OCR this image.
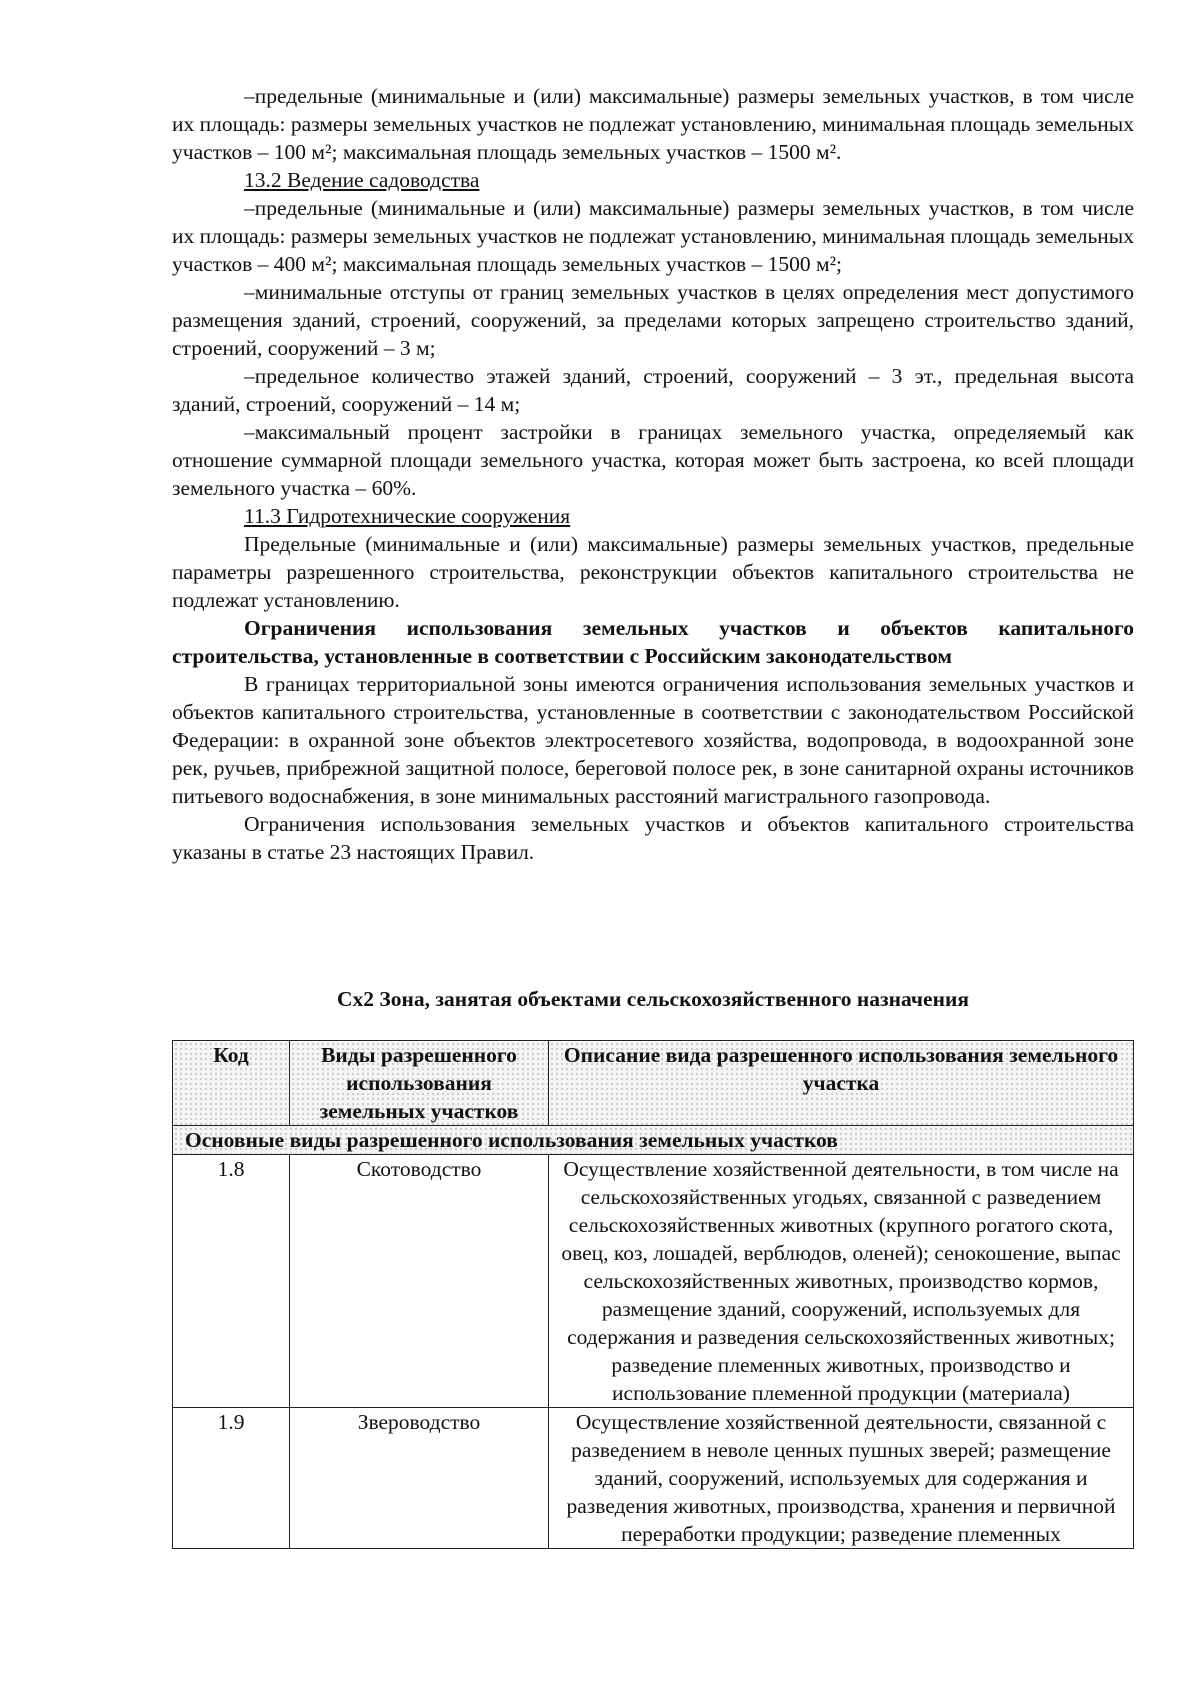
–предельные (минимальные и (или) максимальные) размеры земельных участков, в том числе их площадь: размеры земельных участков не подлежат установлению, минимальная площадь земельных участков – 100 м²; максимальная площадь земельных участков – 1500 м².

13.2 Ведение садоводства

–предельные (минимальные и (или) максимальные) размеры земельных участков, в том числе их площадь: размеры земельных участков не подлежат установлению, минимальная площадь земельных участков – 400 м²; максимальная площадь земельных участков – 1500 м²;

–минимальные отступы от границ земельных участков в целях определения мест допустимого размещения зданий, строений, сооружений, за пределами которых запрещено строительство зданий, строений, сооружений – 3 м;

–предельное количество этажей зданий, строений, сооружений – 3 эт., предельная высота зданий, строений, сооружений – 14 м;

–максимальный процент застройки в границах земельного участка, определяемый как отношение суммарной площади земельного участка, которая может быть застроена, ко всей площади земельного участка – 60%.

11.3 Гидротехнические сооружения

Предельные (минимальные и (или) максимальные) размеры земельных участков, предельные параметры разрешенного строительства, реконструкции объектов капитального строительства не подлежат установлению.

Ограничения использования земельных участков и объектов капитального строительства, установленные в соответствии с Российским законодательством

В границах территориальной зоны имеются ограничения использования земельных участков и объектов капитального строительства, установленные в соответствии с законодательством Российской Федерации: в охранной зоне объектов электросетевого хозяйства, водопровода, в водоохранной зоне рек, ручьев, прибрежной защитной полосе, береговой полосе рек, в зоне санитарной охраны источников питьевого водоснабжения, в зоне минимальных расстояний магистрального газопровода.

Ограничения использования земельных участков и объектов капитального строительства указаны в статье 23 настоящих Правил.

Сх2 Зона, занятая объектами сельскохозяйственного назначения
Код	Виды разрешенного использования земельных участков	Описание вида разрешенного использования земельного участка
Основные виды разрешенного использования земельных участков		
1.8	Скотоводство	Осуществление хозяйственной деятельности, в том числе на сельскохозяйственных угодьях, связанной с разведением сельскохозяйственных животных (крупного рогатого скота, овец, коз, лошадей, верблюдов, оленей); сенокошение, выпас сельскохозяйственных животных, производство кормов, размещение зданий, сооружений, используемых для содержания и разведения сельскохозяйственных животных; разведение племенных животных, производство и использование племенной продукции (материала)
1.9	Звероводство	Осуществление хозяйственной деятельности, связанной с разведением в неволе ценных пушных зверей; размещение зданий, сооружений, используемых для содержания и разведения животных, производства, хранения и первичной переработки продукции; разведение племенных
